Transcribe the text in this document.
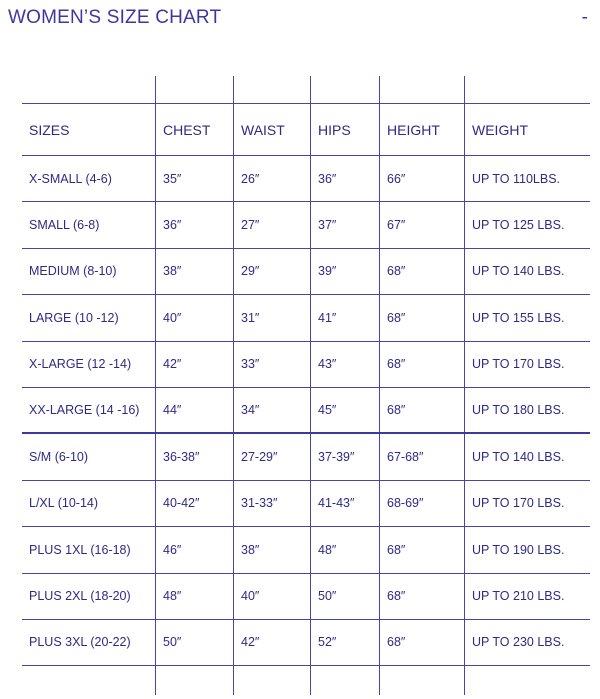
WOMEN’S SIZE CHART	-
SIZES	CHEST	WAIST	HIPS	HEIGHT	WEIGHT
X-SMALL (4-6)	35″	26″	36″	66″	UP TO 110LBS.
SMALL (6-8)	36″	27″	37″	67″	UP TO 125 LBS.
MEDIUM (8-10)	38″	29″	39″	68″	UP TO 140 LBS.
LARGE (10 -12)	40″	31″	41″	68″	UP TO 155 LBS.
X-LARGE (12 -14)	42″	33″	43″	68″	UP TO 170 LBS.
XX-LARGE (14 -16)	44″	34″	45″	68″	UP TO 180 LBS.
S/M (6-10)	36-38″	27-29″	37-39″	67-68″	UP TO 140 LBS.
L/XL (10-14)	40-42″	31-33″	41-43″	68-69″	UP TO 170 LBS.
PLUS 1XL (16-18)	46″	38″	48″	68″	UP TO 190 LBS.
PLUS 2XL (18-20)	48″	40″	50″	68″	UP TO 210 LBS.
PLUS 3XL (20-22)	50″	42″	52″	68″	UP TO 230 LBS.
